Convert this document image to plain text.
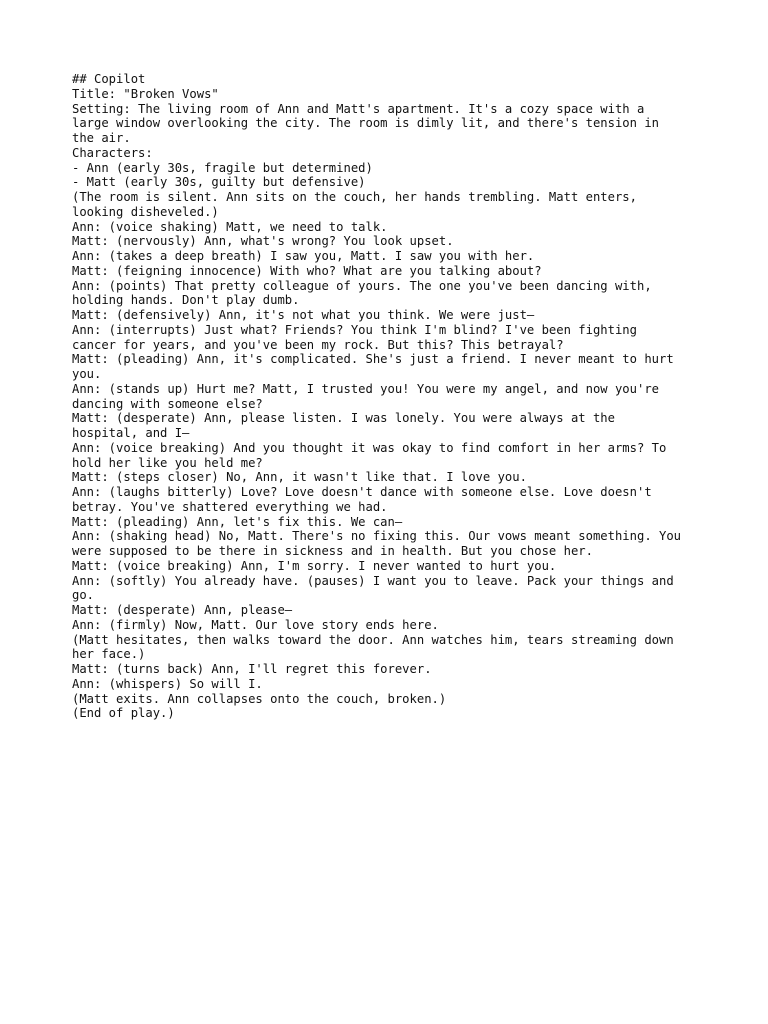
## Copilot
Title: "Broken Vows"
Setting: The living room of Ann and Matt's apartment. It's a cozy space with a
large window overlooking the city. The room is dimly lit, and there's tension in
the air.
Characters:
- Ann (early 30s, fragile but determined)
- Matt (early 30s, guilty but defensive)
(The room is silent. Ann sits on the couch, her hands trembling. Matt enters,
looking disheveled.)
Ann: (voice shaking) Matt, we need to talk.
Matt: (nervously) Ann, what's wrong? You look upset.
Ann: (takes a deep breath) I saw you, Matt. I saw you with her.
Matt: (feigning innocence) With who? What are you talking about?
Ann: (points) That pretty colleague of yours. The one you've been dancing with,
holding hands. Don't play dumb.
Matt: (defensively) Ann, it's not what you think. We were just—
Ann: (interrupts) Just what? Friends? You think I'm blind? I've been fighting
cancer for years, and you've been my rock. But this? This betrayal?
Matt: (pleading) Ann, it's complicated. She's just a friend. I never meant to hurt
you.
Ann: (stands up) Hurt me? Matt, I trusted you! You were my angel, and now you're
dancing with someone else?
Matt: (desperate) Ann, please listen. I was lonely. You were always at the
hospital, and I—
Ann: (voice breaking) And you thought it was okay to find comfort in her arms? To
hold her like you held me?
Matt: (steps closer) No, Ann, it wasn't like that. I love you.
Ann: (laughs bitterly) Love? Love doesn't dance with someone else. Love doesn't
betray. You've shattered everything we had.
Matt: (pleading) Ann, let's fix this. We can—
Ann: (shaking head) No, Matt. There's no fixing this. Our vows meant something. You
were supposed to be there in sickness and in health. But you chose her.
Matt: (voice breaking) Ann, I'm sorry. I never wanted to hurt you.
Ann: (softly) You already have. (pauses) I want you to leave. Pack your things and
go.
Matt: (desperate) Ann, please—
Ann: (firmly) Now, Matt. Our love story ends here.
(Matt hesitates, then walks toward the door. Ann watches him, tears streaming down
her face.)
Matt: (turns back) Ann, I'll regret this forever.
Ann: (whispers) So will I.
(Matt exits. Ann collapses onto the couch, broken.)
(End of play.)
